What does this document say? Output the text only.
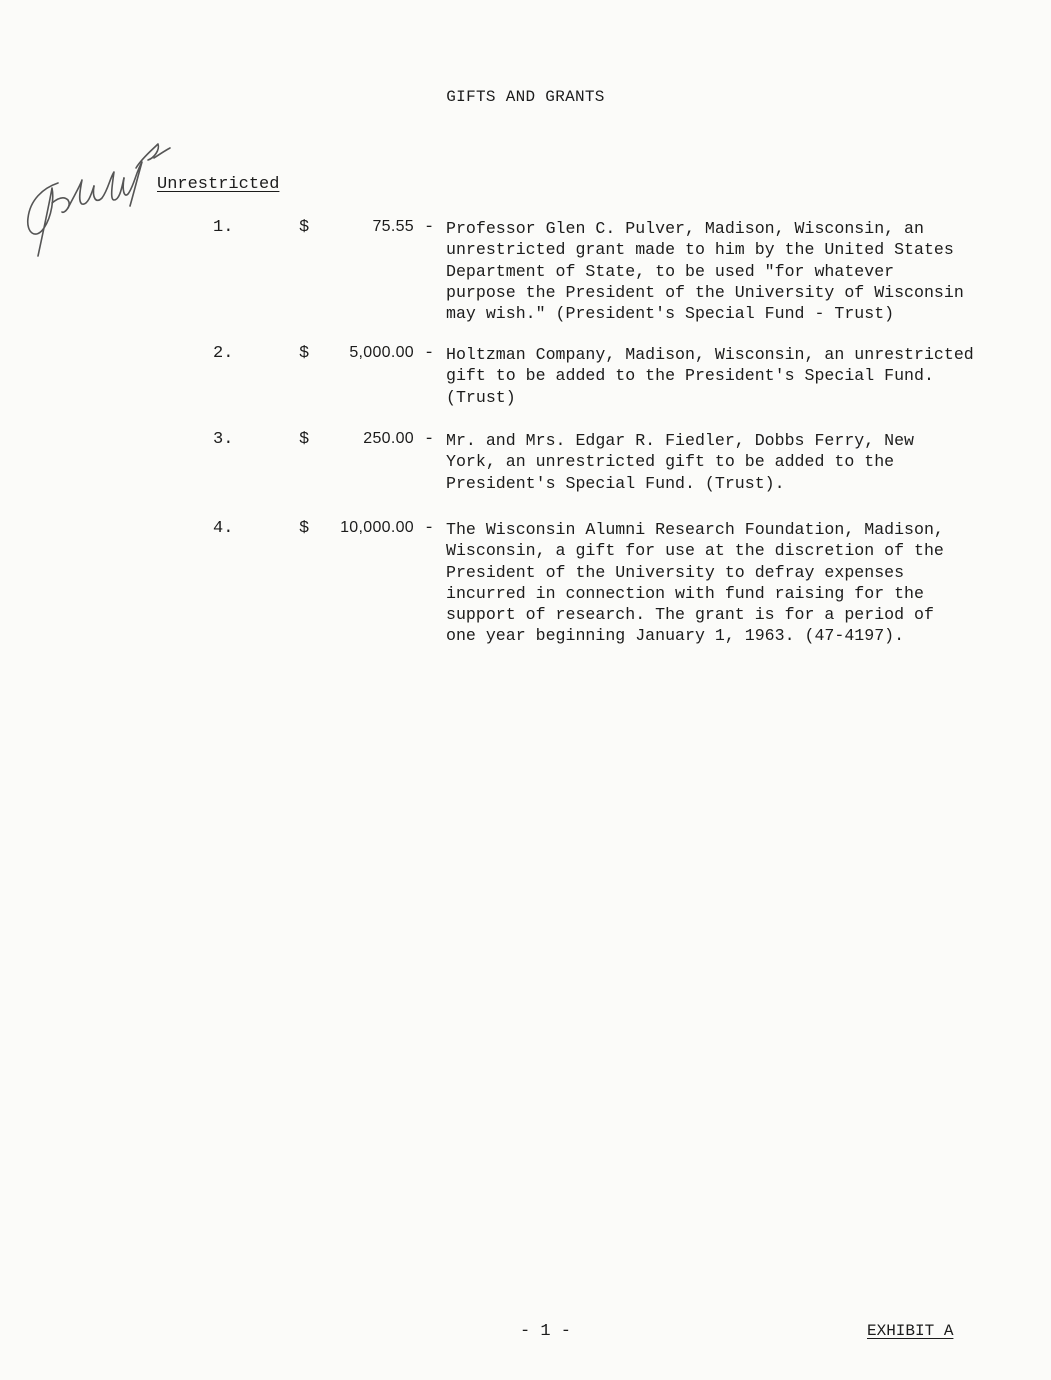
GIFTS AND GRANTS
Unrestricted
1.	$	75.55 - Professor Glen C. Pulver, Madison, Wisconsin, an
unrestricted grant made to him by the United States
Department of State, to be used "for whatever
purpose the President of the University of Wisconsin
may wish." (President's Special Fund - Trust)
2.	$	5,000.00 - Holtzman Company, Madison, Wisconsin, an unrestricted
gift to be added to the President's Special Fund.
(Trust)
3.	$	250.00 - Mr. and Mrs. Edgar R. Fiedler, Dobbs Ferry, New
York, an unrestricted gift to be added to the
President's Special Fund. (Trust).
4.	$ 10,000.00 - The Wisconsin Alumni Research Foundation, Madison,
Wisconsin, a gift for use at the discretion of the
President of the University to defray expenses
incurred in connection with fund raising for the
support of research. The grant is for a period of
one year beginning January 1, 1963. (47-4197).
- 1 -	EXHIBIT A
